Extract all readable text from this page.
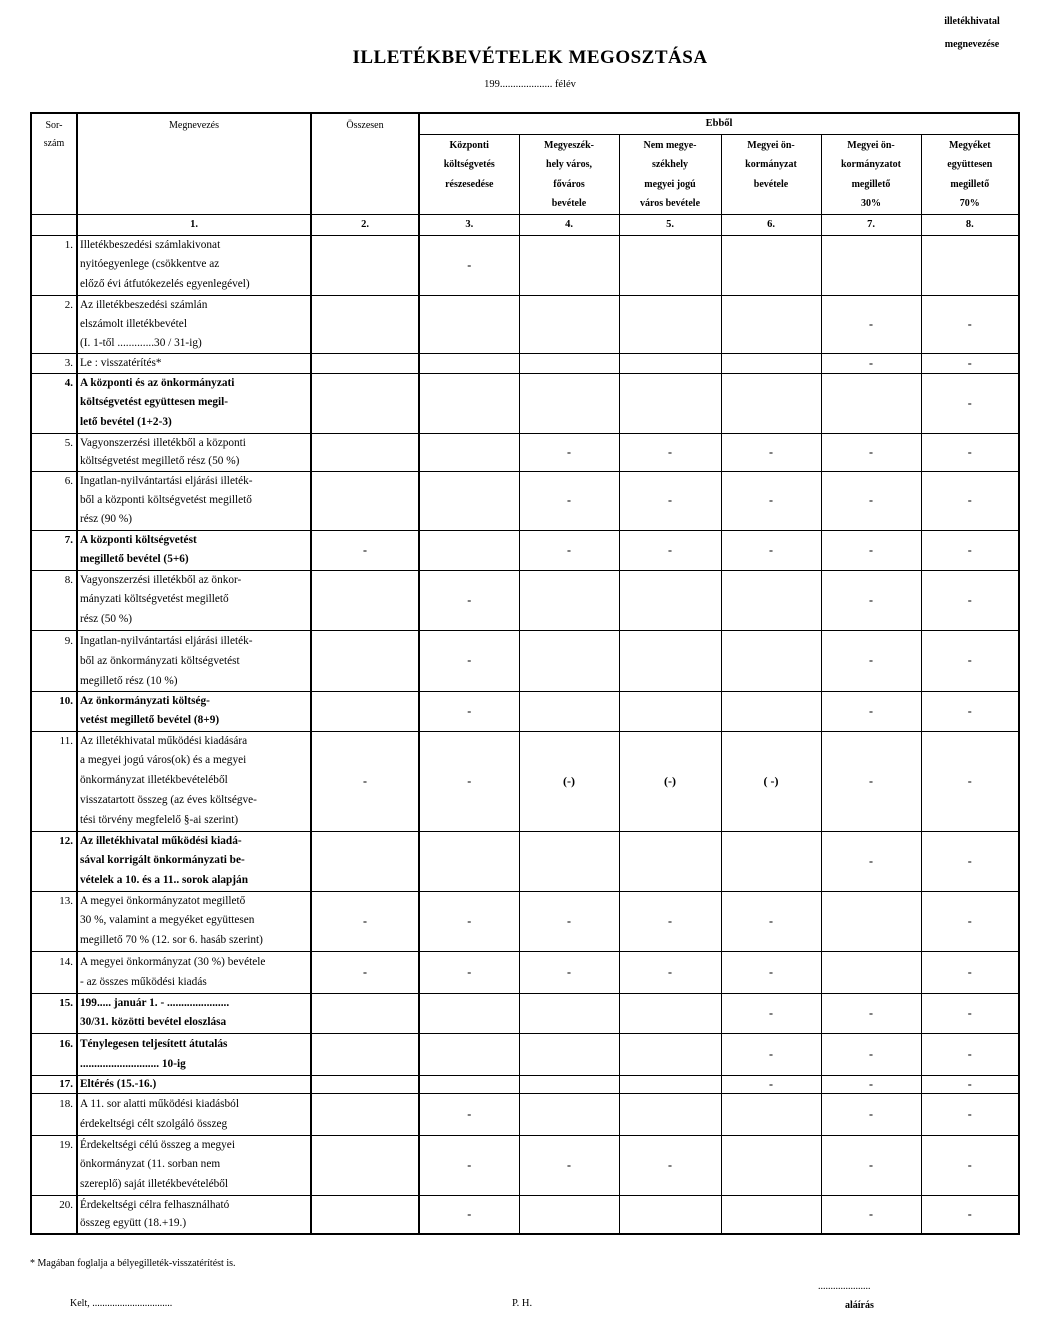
illetékhivatal
megnevezése
ILLETÉKBEVÉTELEK MEGOSZTÁSA
199.................... félév
Sor-
szám	Megnevezés	Összesen	Ebből					

			Központi
költségvetés
részesedése	Megyeszék-
hely város,
főváros
bevétele	Nem megye-
székhely
megyei jogú
város bevétele	Megyei ön-
kormányzat
bevétele	Megyei ön-
kormányzatot
megillető
30%	Megyéket
együttesen
megillető
70%

	1.	2.	3.	4.	5.	6.	7.	8.
1.	Illetékbeszedési számlakivonat
nyitóegyenlege (csökkentve az
előző évi átfutókezelés egyenlegével)		-					
2.	Az illetékbeszedési számlán
elszámolt illetékbevétel
(I. 1-től .............30 / 31-ig)						-	-
3.	Le : visszatérítés*						-	-
4.	A központi és az önkormányzati
költségvetést együttesen megil-
lető bevétel (1+2-3)							-
5.	Vagyonszerzési illetékből a központi
költségvetést megillető rész (50 %)			-	-	-	-	-
6.	Ingatlan-nyilvántartási eljárási illeték-
ből a központi költségvetést megillető
rész (90 %)			-	-	-	-	-
7.	A központi költségvetést
megillető bevétel (5+6)	-		-	-	-	-	-
8.	Vagyonszerzési illetékből az önkor-
mányzati költségvetést megillető
rész (50 %)		-				-	-
9.	Ingatlan-nyilvántartási eljárási illeték-
ből az önkormányzati költségvetést
megillető rész (10 %)		-				-	-
10.	Az önkormányzati költség-
vetést megillető bevétel (8+9)		-				-	-
11.	Az illetékhivatal működési kiadására
a megyei jogú város(ok) és a megyei
önkormányzat illetékbevételéből
visszatartott összeg (az éves költségve-
tési törvény megfelelő §-ai szerint)	-	-	(-)	(-)	( -)	-	-
12.	Az illetékhivatal működési kiadá-
sával korrigált önkormányzati be-
vételek a 10. és a 11.. sorok alapján						-	-
13.	A megyei önkormányzatot megillető
30 %, valamint a megyéket együttesen
megillető 70 % (12. sor 6. hasáb szerint)	-	-	-	-	-		-
14.	A megyei önkormányzat (30 %) bevétele
- az összes működési kiadás	-	-	-	-	-		-
15.	199..... január 1. - ......................
30/31. közötti bevétel eloszlása					-	-	-
16.	Ténylegesen teljesített átutalás
............................ 10-ig					-	-	-
17.	Eltérés (15.-16.)					-	-	-
18.	A 11. sor alatti működési kiadásból
érdekeltségi célt szolgáló összeg		-				-	-
19.	Érdekeltségi célú összeg a megyei
önkormányzat (11. sorban nem
szereplő) saját illetékbevételéből		-	-	-		-	-
20.	Érdekeltségi célra felhasználható
összeg együtt (18.+19.)		-				-	-
* Magában foglalja a bélyegilleték-visszatérítést is.
Kelt, ................................	P. H.
.....................
aláírás
